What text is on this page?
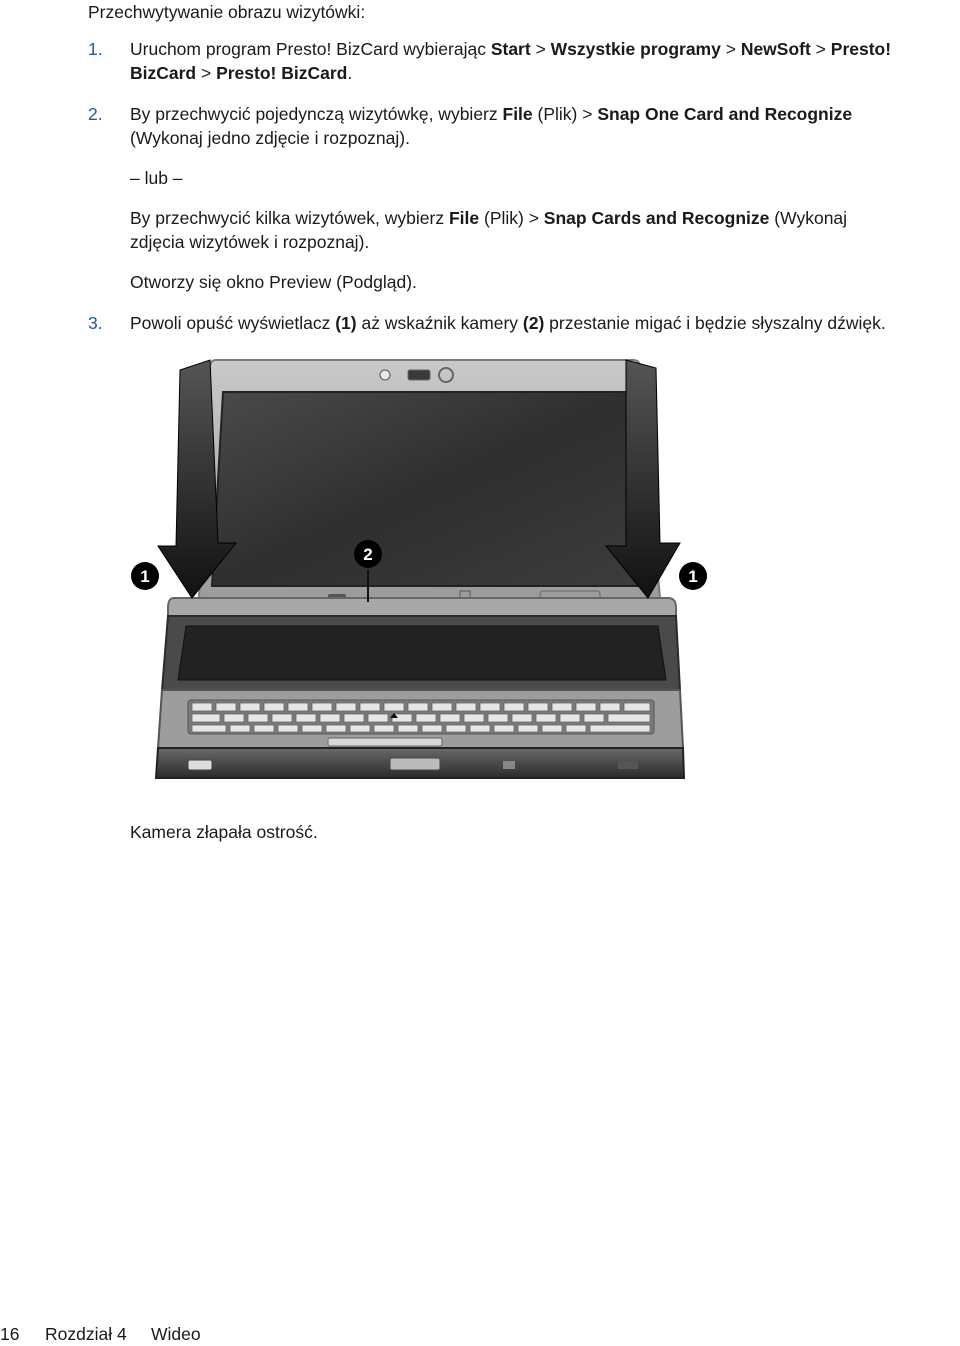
Przechwytywanie obrazu wizytówki:
1. Uruchom program Presto! BizCard wybierając Start > Wszystkie programy > NewSoft > Presto!
BizCard > Presto! BizCard.
2. By przechwycić pojedynczą wizytówkę, wybierz File (Plik) > Snap One Card and Recognize
(Wykonaj jedno zdjęcie i rozpoznaj).
– lub –
By przechwycić kilka wizytówek, wybierz File (Plik) > Snap Cards and Recognize (Wykonaj
zdjęcia wizytówek i rozpoznaj).
Otworzy się okno Preview (Podgląd).
3. Powoli opuść wyświetlacz (1) aż wskaźnik kamery (2) przestanie migać i będzie słyszalny dźwięk.
1
2
1
Kamera złapała ostrość.
16 Rozdział 4 Wideo
